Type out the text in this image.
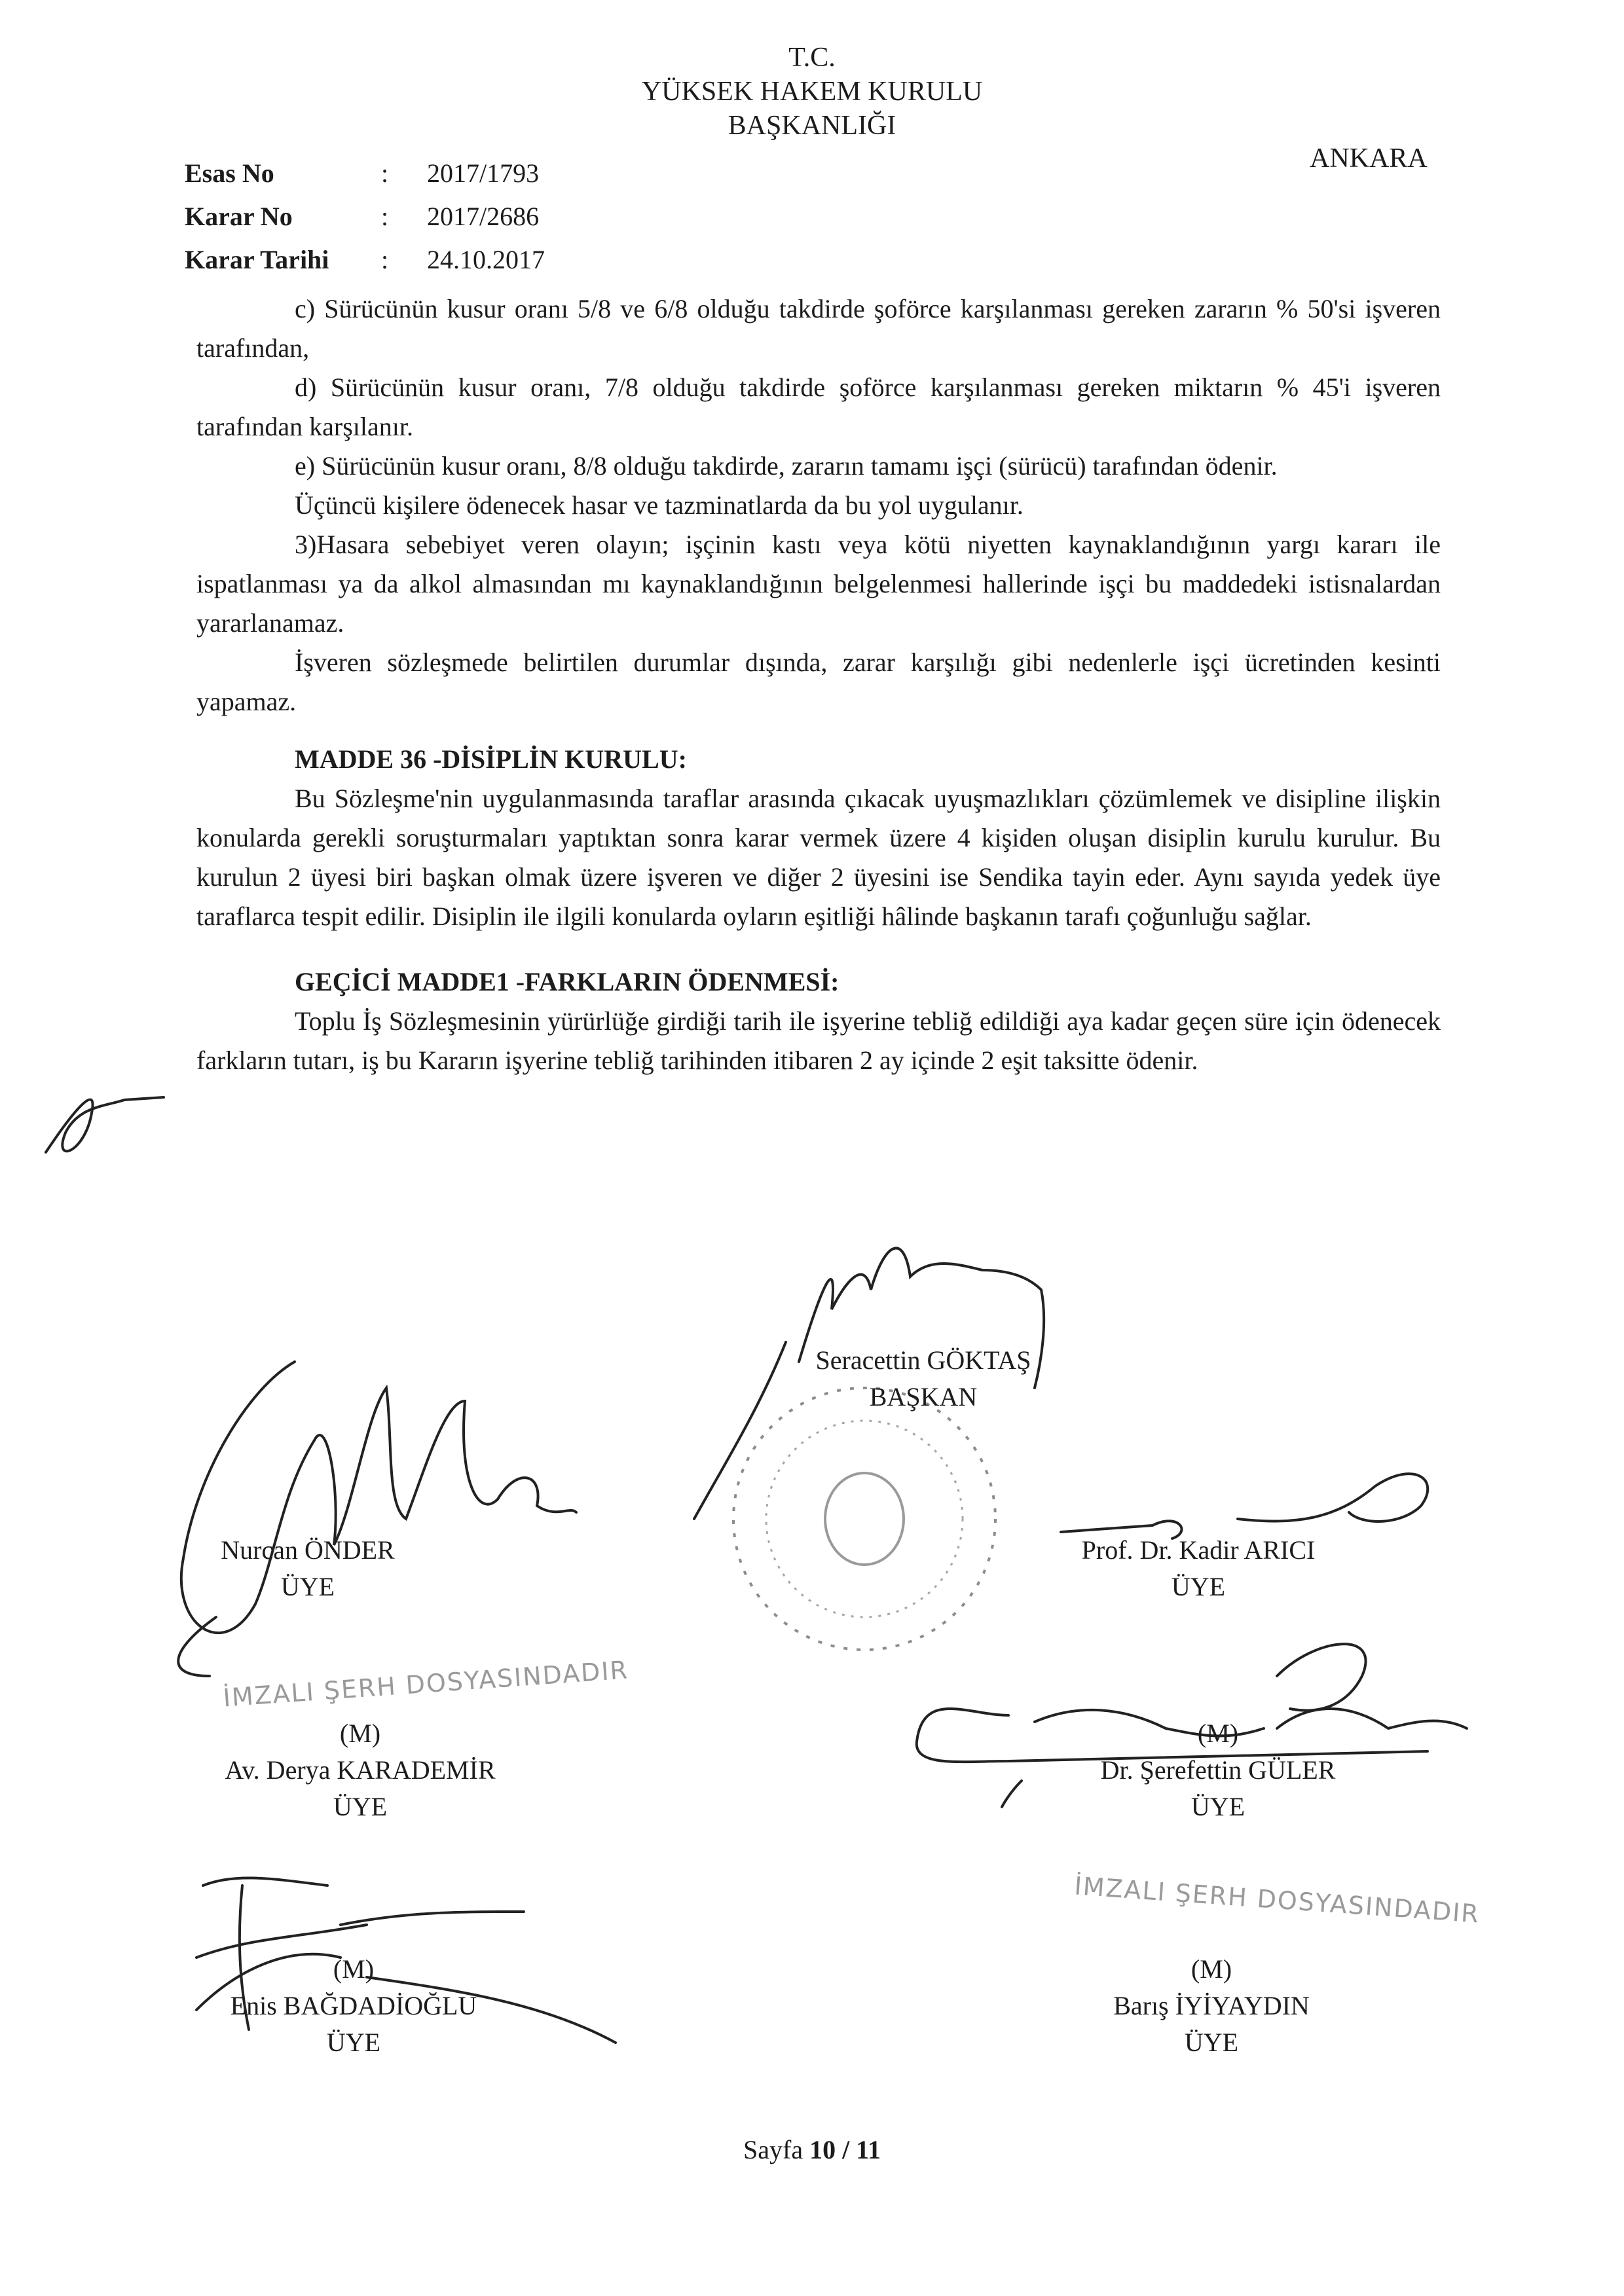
T.C.
YÜKSEK HAKEM KURULU
BAŞKANLIĞI
ANKARA
Esas No	:	2017/1793
Karar No	:	2017/2686
Karar Tarihi	:	24.10.2017

c) Sürücünün kusur oranı 5/8 ve 6/8 olduğu takdirde şoförce karşılanması gereken zararın % 50'si işveren tarafından,

d) Sürücünün kusur oranı, 7/8 olduğu takdirde şoförce karşılanması gereken miktarın % 45'i işveren tarafından karşılanır.

e) Sürücünün kusur oranı, 8/8 olduğu takdirde, zararın tamamı işçi (sürücü) tarafından ödenir.

Üçüncü kişilere ödenecek hasar ve tazminatlarda da bu yol uygulanır.

3)Hasara sebebiyet veren olayın; işçinin kastı veya kötü niyetten kaynaklandığının yargı kararı ile ispatlanması ya da alkol almasından mı kaynaklandığının belgelenmesi hallerinde işçi bu maddedeki istisnalardan yararlanamaz.

İşveren sözleşmede belirtilen durumlar dışında, zarar karşılığı gibi nedenlerle işçi ücretinden kesinti yapamaz.

MADDE 36 -DİSİPLİN KURULU:

Bu Sözleşme'nin uygulanmasında taraflar arasında çıkacak uyuşmazlıkları çözümlemek ve disipline ilişkin konularda gerekli soruşturmaları yaptıktan sonra karar vermek üzere 4 kişiden oluşan disiplin kurulu kurulur. Bu kurulun 2 üyesi biri başkan olmak üzere işveren ve diğer 2 üyesini ise Sendika tayin eder. Aynı sayıda yedek üye taraflarca tespit edilir. Disiplin ile ilgili konularda oyların eşitliği hâlinde başkanın tarafı çoğunluğu sağlar.

GEÇİCİ MADDE1 -FARKLARIN ÖDENMESİ:

Toplu İş Sözleşmesinin yürürlüğe girdiği tarih ile işyerine tebliğ edildiği aya kadar geçen süre için ödenecek farkların tutarı, iş bu Kararın işyerine tebliğ tarihinden itibaren 2 ay içinde 2 eşit taksitte ödenir.

Seracettin GÖKTAŞ
BAŞKAN
Nurcan ÖNDER
ÜYE
Prof. Dr. Kadir ARICI
ÜYE
İMZALI ŞERH DOSYASINDADIR
(M)
Av. Derya KARADEMİR
ÜYE
(M)
Dr. Şerefettin GÜLER
ÜYE
İMZALI ŞERH DOSYASINDADIR
(M)
Enis BAĞDADİOĞLU
ÜYE
(M)
Barış İYİYAYDIN
ÜYE
Sayfa 10 / 11
